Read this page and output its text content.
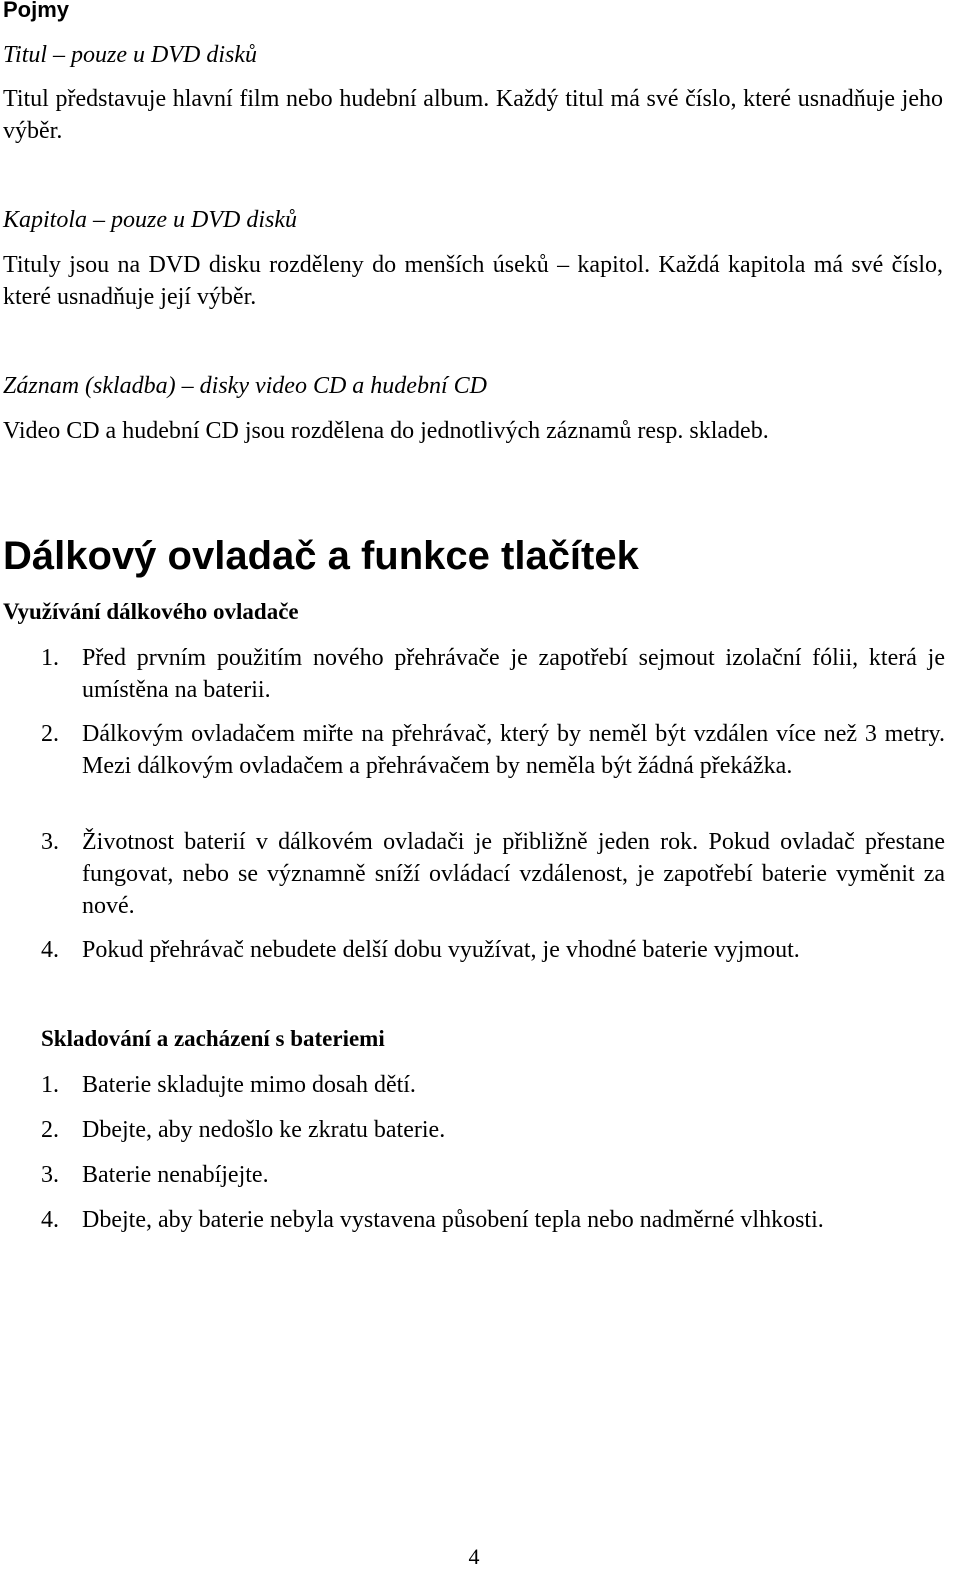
Pojmy
Titul – pouze u DVD disků
Titul představuje hlavní film nebo hudební album. Každý titul má své číslo, které usnadňuje jeho výběr.
Kapitola – pouze u DVD disků
Tituly jsou na DVD disku rozděleny do menších úseků – kapitol. Každá kapitola má své číslo, které usnadňuje její výběr.
Záznam (skladba) – disky video CD a hudební CD
Video CD a hudební CD jsou rozdělena do jednotlivých záznamů resp. skladeb.
Dálkový ovladač a funkce tlačítek
Využívání dálkového ovladače
1. Před prvním použitím nového přehrávače je zapotřebí sejmout izolační fólii, která je umístěna na baterii.
2. Dálkovým ovladačem miřte na přehrávač, který by neměl být vzdálen více než 3 metry. Mezi dálkovým ovladačem a přehrávačem by neměla být žádná překážka.
3. Životnost baterií v dálkovém ovladači je přibližně jeden rok. Pokud ovladač přestane fungovat, nebo se významně sníží ovládací vzdálenost, je zapotřebí baterie vyměnit za nové.
4. Pokud přehrávač nebudete delší dobu využívat, je vhodné baterie vyjmout.
Skladování a zacházení s bateriemi
1. Baterie skladujte mimo dosah dětí.
2. Dbejte, aby nedošlo ke zkratu baterie.
3. Baterie nenabíjejte.
4. Dbejte, aby baterie nebyla vystavena působení tepla nebo nadměrné vlhkosti.
4
